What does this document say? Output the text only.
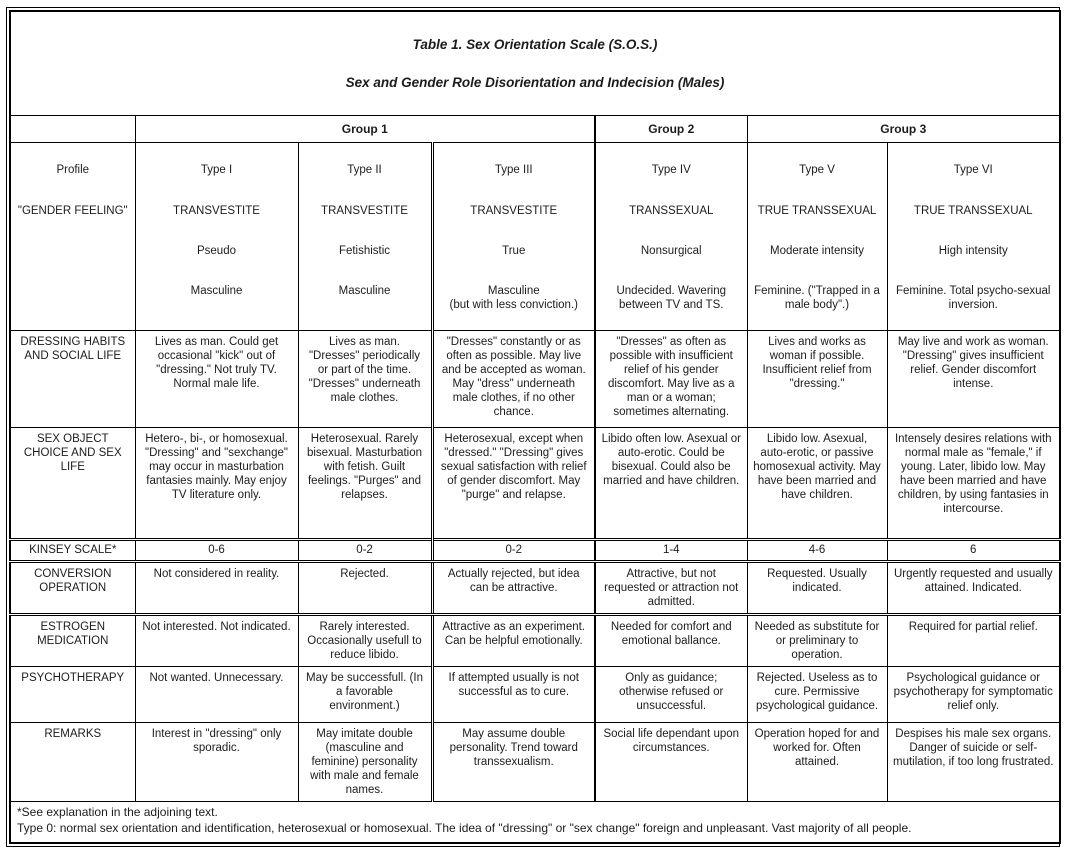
Table 1. Sex Orientation Scale (S.O.S.)

Sex and Gender Role Disorientation and Indecision (Males)						

	Group 1			Group 2	Group 3	

Profile

"GENDER FEELING"

Type I

TRANSVESTITE

Pseudo

Masculine

Type II

TRANSVESTITE

Fetishistic

Masculine

Type III

TRANSVESTITE

True

Masculine
(but with less conviction.)

Type IV

TRANSSEXUAL

Nonsurgical

Undecided. Wavering between TV and TS.

Type V

TRUE TRANSSEXUAL

Moderate intensity

Feminine. ("Trapped in a male body".)

Type VI

TRUE TRANSSEXUAL

High intensity

Feminine. Total psycho-sexual inversion.

DRESSING HABITS AND SOCIAL LIFE	Lives as man. Could get occasional "kick" out of "dressing." Not truly TV. Normal male life.	Lives as man. "Dresses" periodically or part of the time. "Dresses" underneath male clothes.	"Dresses" constantly or as often as possible. May live and be accepted as woman. May "dress" underneath male clothes, if no other chance.	"Dresses" as often as possible with insufficient relief of his gender discomfort. May live as a man or a woman; sometimes alternating.	Lives and works as woman if possible. Insufficient relief from "dressing."	May live and work as woman. "Dressing" gives insufficient relief. Gender discomfort intense.
SEX OBJECT CHOICE AND SEX LIFE	Hetero-, bi-, or homosexual. "Dressing" and "sexchange" may occur in masturbation fantasies mainly. May enjoy TV literature only.	Heterosexual. Rarely bisexual. Masturbation with fetish. Guilt feelings. "Purges" and relapses.	Heterosexual, except when "dressed." "Dressing" gives sexual satisfaction with relief of gender discomfort. May "purge" and relapse.	Libido often low. Asexual or auto-erotic. Could be bisexual. Could also be married and have children.	Libido low. Asexual, auto-erotic, or passive homosexual activity. May have been married and have children.	Intensely desires relations with normal male as "female," if young. Later, libido low. May have been married and have children, by using fantasies in intercourse.
KINSEY SCALE*	0-6	0-2	0-2	1-4	4-6	6
CONVERSION OPERATION	Not considered in reality.	Rejected.	Actually rejected, but idea can be attractive.	Attractive, but not requested or attraction not admitted.	Requested. Usually indicated.	Urgently requested and usually attained. Indicated.
ESTROGEN MEDICATION	Not interested. Not indicated.	Rarely interested. Occasionally usefull to reduce libido.	Attractive as an experiment. Can be helpful emotionally.	Needed for comfort and emotional ballance.	Needed as substitute for or preliminary to operation.	Required for partial relief.
PSYCHOTHERAPY	Not wanted. Unnecessary.	May be successfull. (In a favorable environment.)	If attempted usually is not successful as to cure.	Only as guidance; otherwise refused or unsuccessful.	Rejected. Useless as to cure. Permissive psychological guidance.	Psychological guidance or psychotherapy for symptomatic relief only.
REMARKS	Interest in "dressing" only sporadic.	May imitate double (masculine and feminine) personality with male and female names.	May assume double personality. Trend toward transsexualism.	Social life dependant upon circumstances.	Operation hoped for and worked for. Often attained.	Despises his male sex organs. Danger of suicide or self-mutilation, if too long frustrated.

*See explanation in the adjoining text.
Type 0: normal sex orientation and identification, heterosexual or homosexual. The idea of "dressing" or "sex change" foreign and unpleasant. Vast majority of all people.						
